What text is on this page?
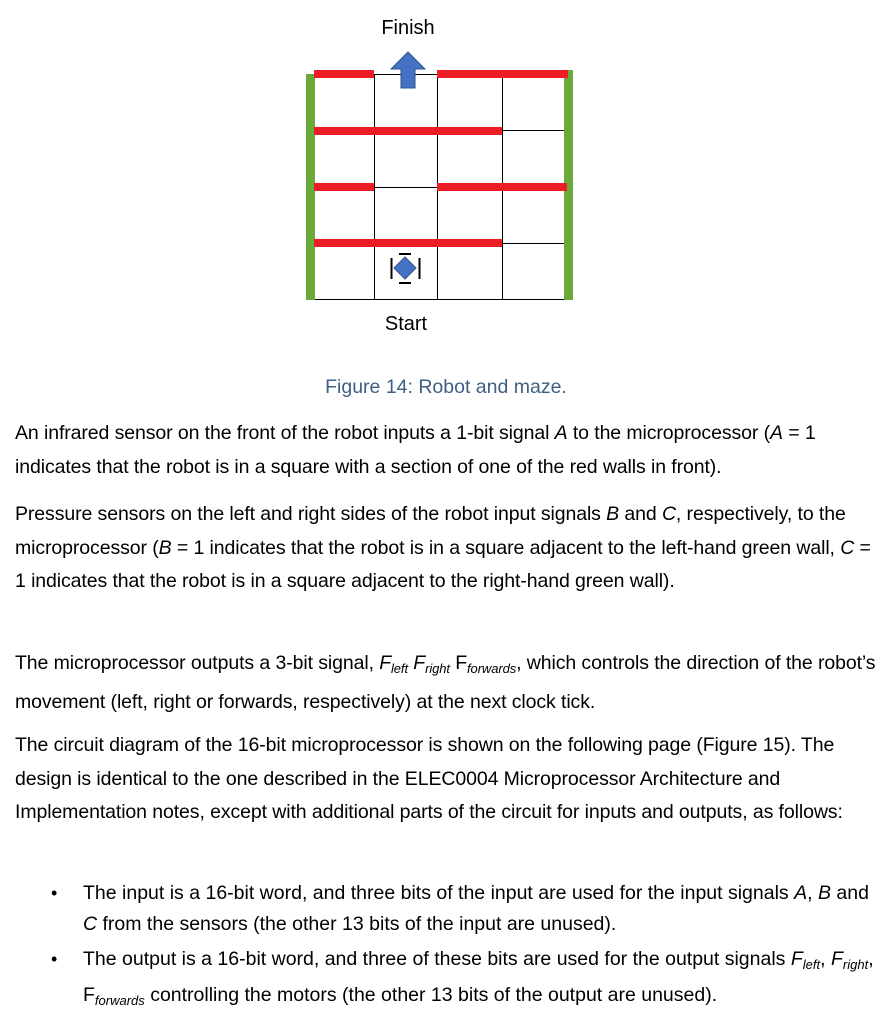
Finish
Start
Figure 14: Robot and maze.
An infrared sensor on the front of the robot inputs a 1-bit signal A to the microprocessor (A = 1 indicates that the robot is in a square with a section of one of the red walls in front).
Pressure sensors on the left and right sides of the robot input signals B and C, respectively, to the microprocessor (B = 1 indicates that the robot is in a square adjacent to the left-hand green wall, C = 1 indicates that the robot is in a square adjacent to the right-hand green wall).
The microprocessor outputs a 3-bit signal, $F_{left}$ $F_{right}$ $F_{forwards}$, which controls the direction of the robot’s movement (left, right or forwards, respectively) at the next clock tick.
The circuit diagram of the 16-bit microprocessor is shown on the following page (Figure 15). The design is identical to the one described in the ELEC0004 Microprocessor Architecture and Implementation notes, except with additional parts of the circuit for inputs and outputs, as follows:
• The input is a 16-bit word, and three bits of the input are used for the input signals A, B and C from the sensors (the other 13 bits of the input are unused).
• The output is a 16-bit word, and three of these bits are used for the output signals $F_{left}$, $F_{right}$, $F_{forwards}$ controlling the motors (the other 13 bits of the output are unused).
